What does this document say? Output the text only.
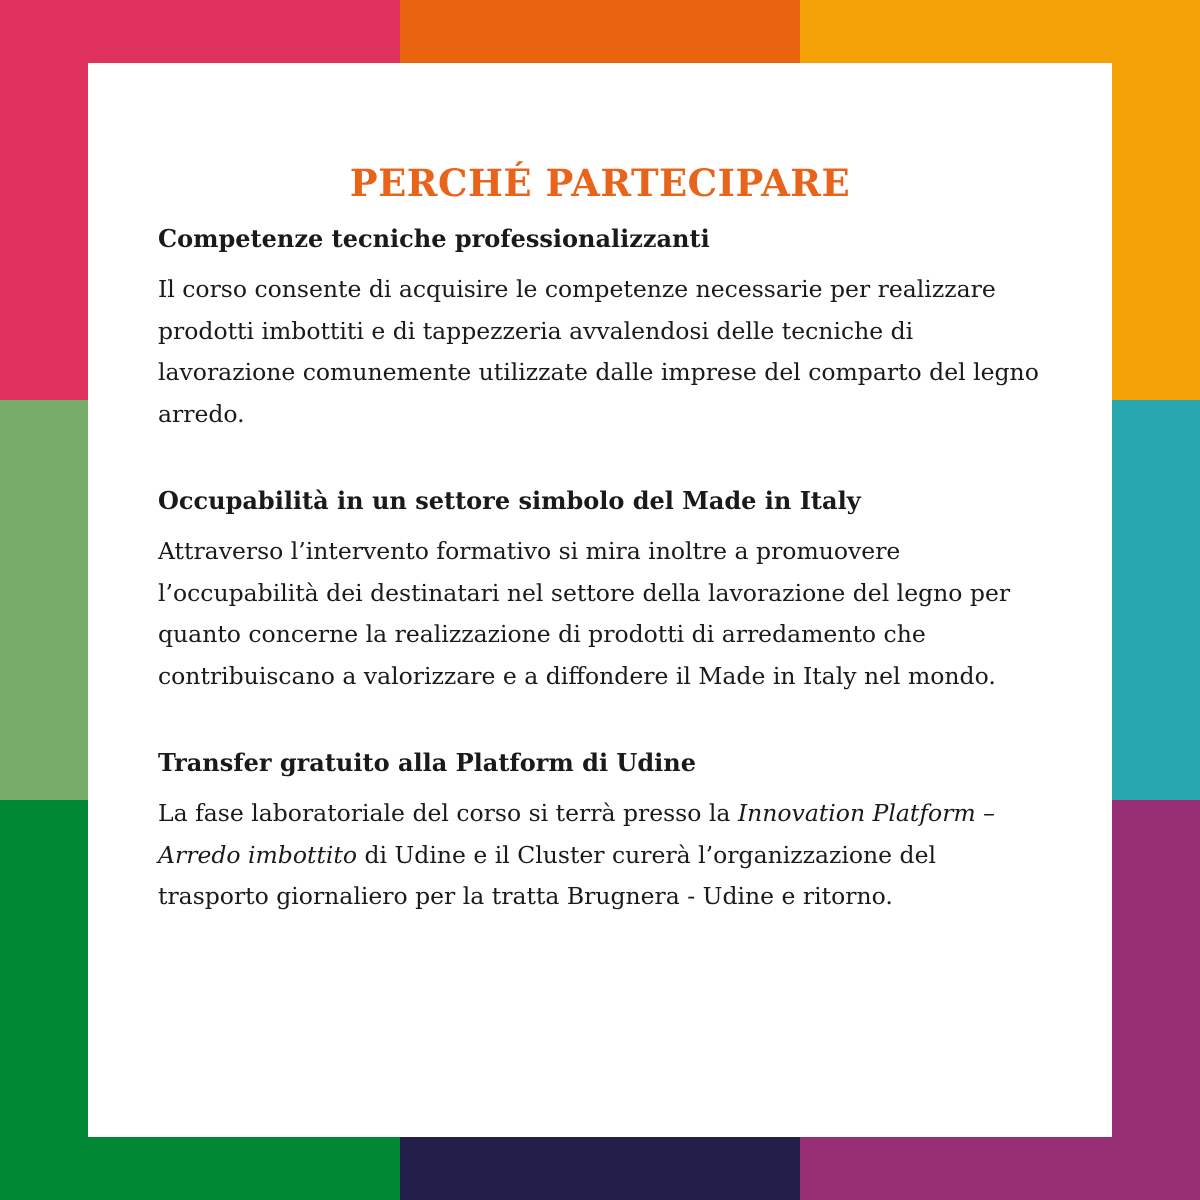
PERCHÉ PARTECIPARE
Competenze tecniche professionalizzanti

Il corso consente di acquisire le competenze necessarie per realizzare prodotti imbottiti e di tappezzeria avvalendosi delle tecniche di lavorazione comunemente utilizzate dalle imprese del comparto del legno arredo.

Occupabilità in un settore simbolo del Made in Italy

Attraverso l’intervento formativo si mira inoltre a promuovere l’occupabilità dei destinatari nel settore della lavorazione del legno per quanto concerne la realizzazione di prodotti di arredamento che contribuiscano a valorizzare e a diffondere il Made in Italy nel mondo.

Transfer gratuito alla Platform di Udine

La fase laboratoriale del corso si terrà presso la Innovation Platform – Arredo imbottito di Udine e il Cluster curerà l’organizzazione del trasporto giornaliero per la tratta Brugnera - Udine e ritorno.
